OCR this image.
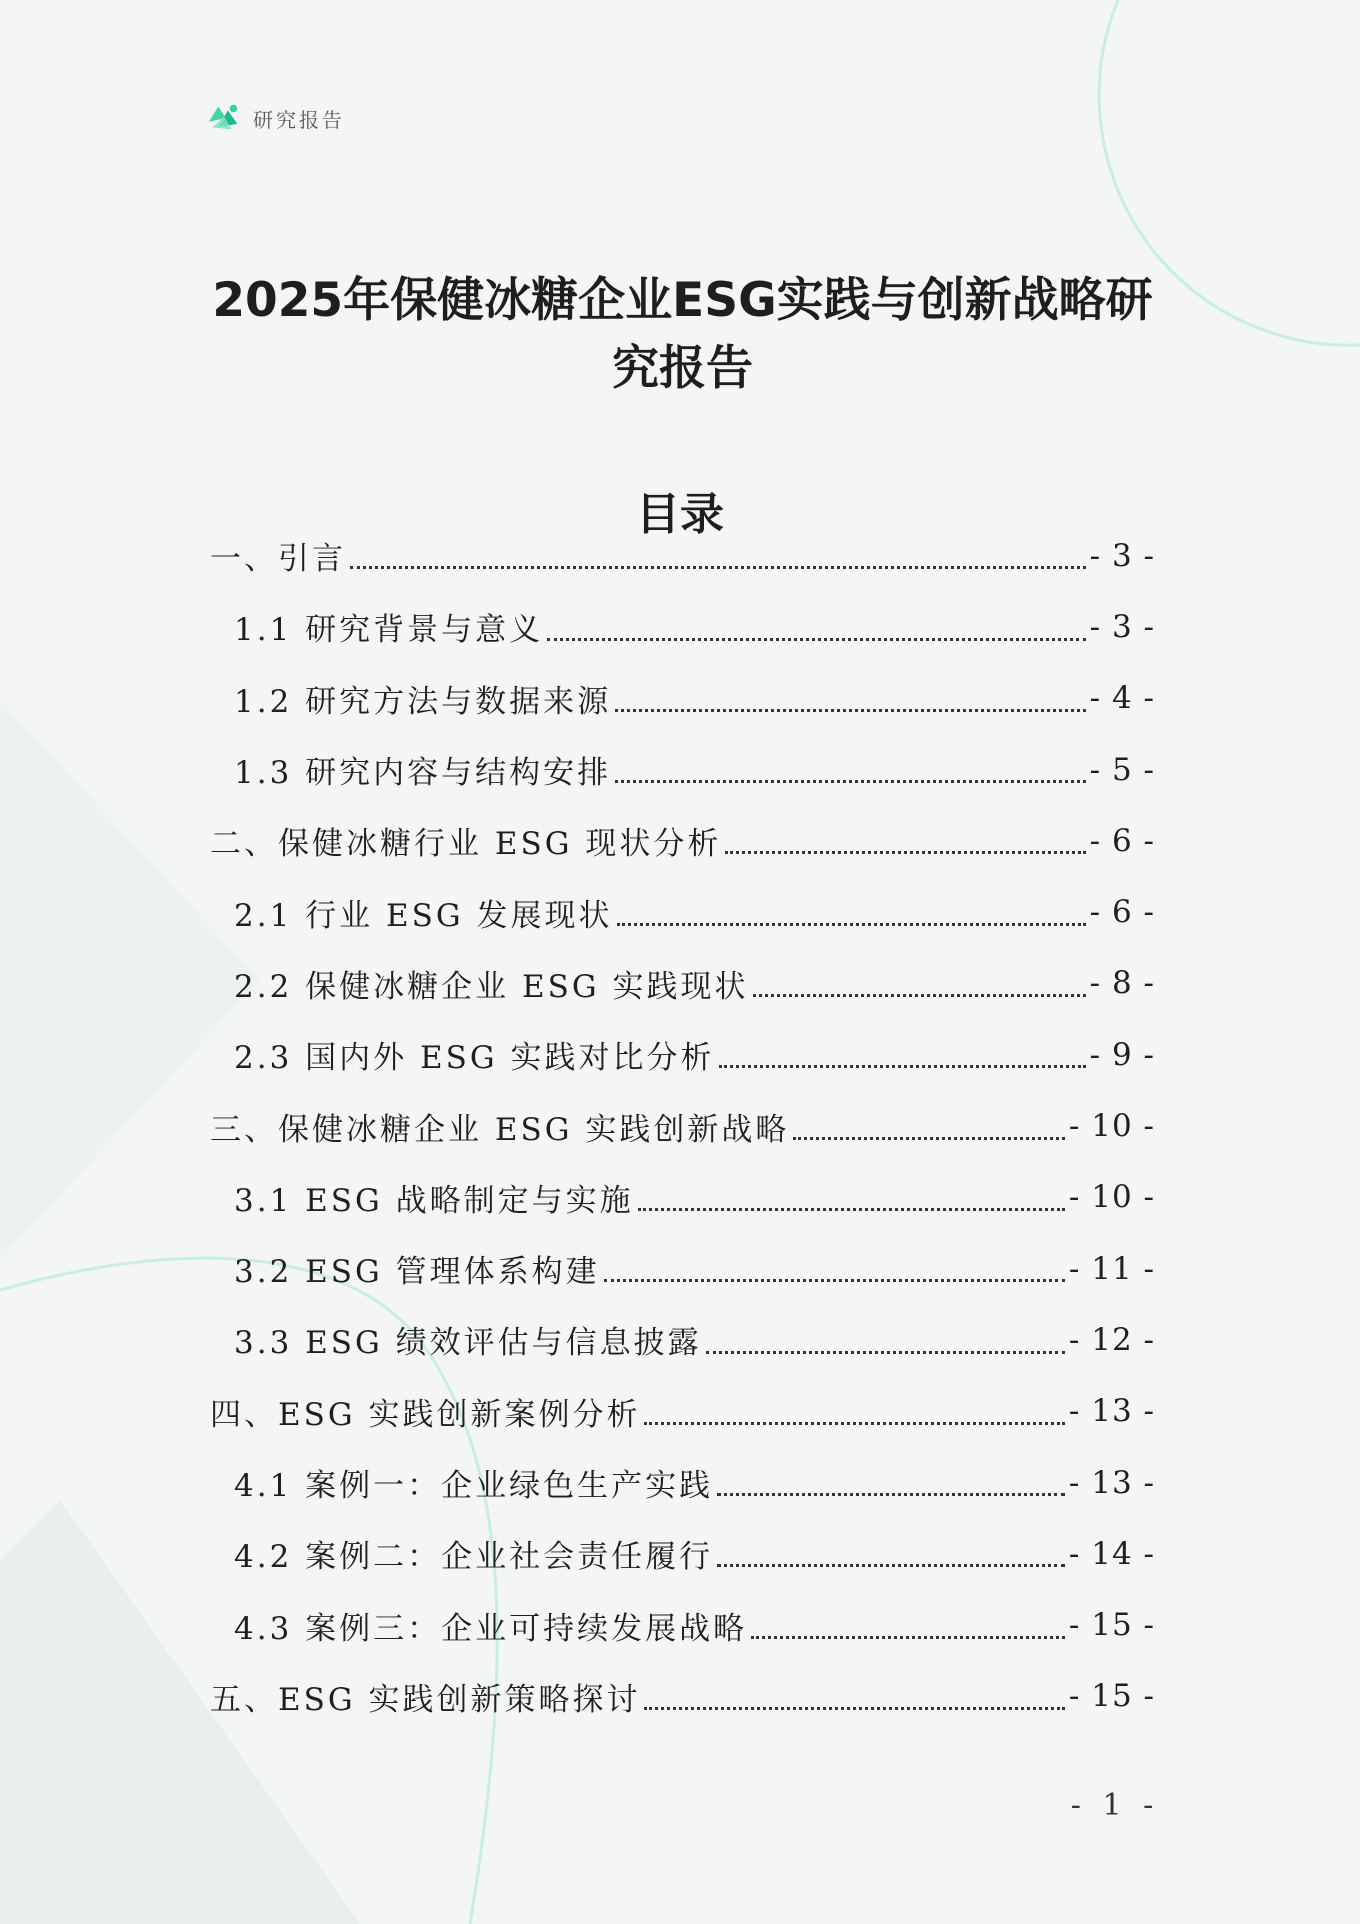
研究报告
2025年保健冰糖企业ESG实践与创新战略研究报告
目录
一、引言	- 3 -
1.1 研究背景与意义	- 3 -
1.2 研究方法与数据来源	- 4 -
1.3 研究内容与结构安排	- 5 -
二、保健冰糖行业 ESG 现状分析	- 6 -
2.1 行业 ESG 发展现状	- 6 -
2.2 保健冰糖企业 ESG 实践现状	- 8 -
2.3 国内外 ESG 实践对比分析	- 9 -
三、保健冰糖企业 ESG 实践创新战略	- 10 -
3.1 ESG 战略制定与实施	- 10 -
3.2 ESG 管理体系构建	- 11 -
3.3 ESG 绩效评估与信息披露	- 12 -
四、ESG 实践创新案例分析	- 13 -
4.1 案例一：企业绿色生产实践	- 13 -
4.2 案例二：企业社会责任履行	- 14 -
4.3 案例三：企业可持续发展战略	- 15 -
五、ESG 实践创新策略探讨	- 15 -
- 1 -
